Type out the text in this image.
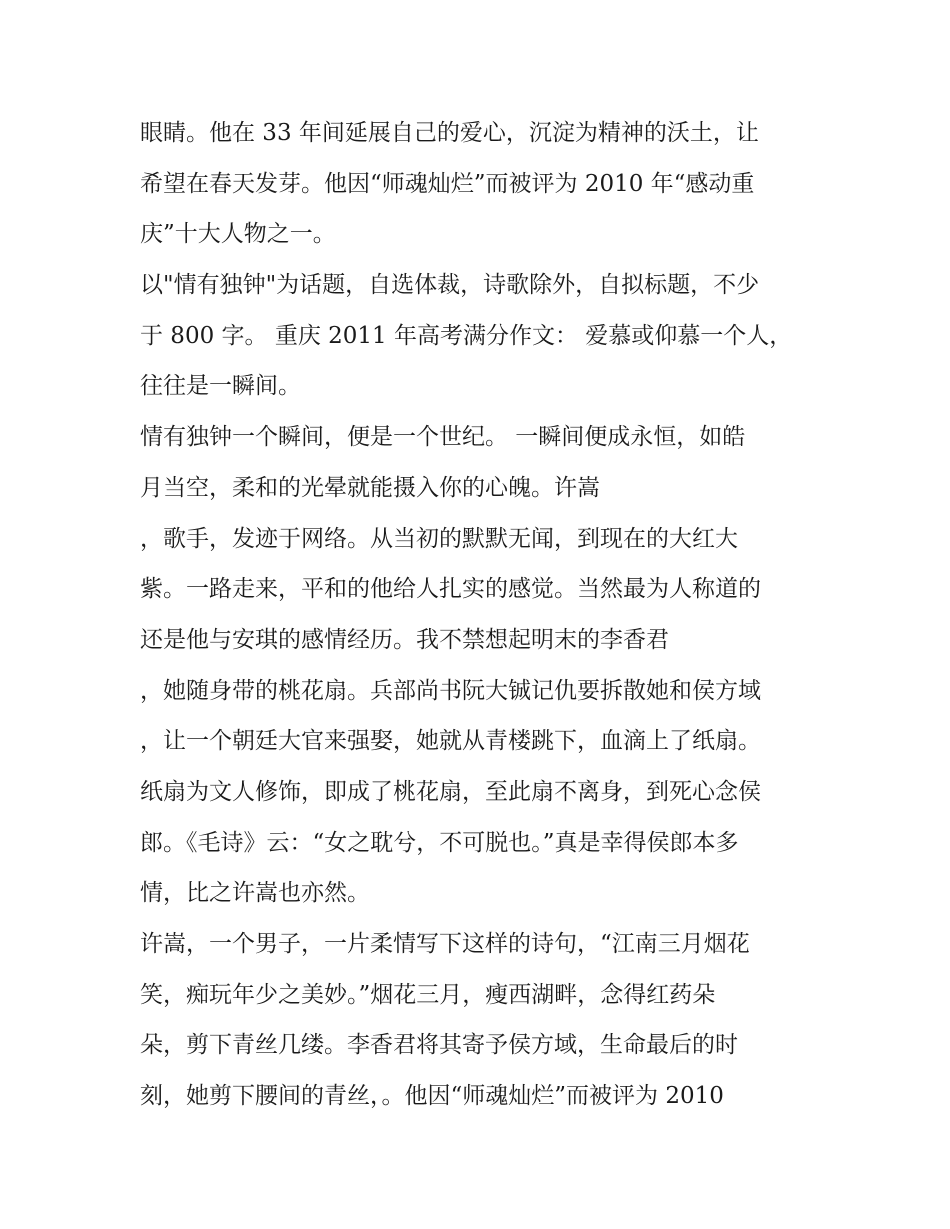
眼睛。他在 33 年间延展自己的爱心，沉淀为精神的沃土，让
希望在春天发芽。他因“师魂灿烂”而被评为 2010 年“感动重
庆”十大人物之一。
以"情有独钟"为话题，自选体裁，诗歌除外，自拟标题，不少
于 800 字。 重庆 2011 年高考满分作文： 爱慕或仰慕一个人，
往往是一瞬间。
情有独钟一个瞬间，便是一个世纪。 一瞬间便成永恒，如皓
月当空，柔和的光晕就能摄入你的心魄。许嵩
，歌手，发迹于网络。从当初的默默无闻，到现在的大红大
紫。一路走来，平和的他给人扎实的感觉。当然最为人称道的
还是他与安琪的感情经历。我不禁想起明末的李香君
，她随身带的桃花扇。兵部尚书阮大铖记仇要拆散她和侯方域
，让一个朝廷大官来强娶，她就从青楼跳下，血滴上了纸扇。
纸扇为文人修饰，即成了桃花扇，至此扇不离身，到死心念侯
郎。《毛诗》云：“女之耽兮，不可脱也。”真是幸得侯郎本多
情，比之许嵩也亦然。
许嵩，一个男子，一片柔情写下这样的诗句，“江南三月烟花
笑，痴玩年少之美妙。”烟花三月，瘦西湖畔，念得红药朵
朵，剪下青丝几缕。李香君将其寄予侯方域，生命最后的时
刻，她剪下腰间的青丝，。他因“师魂灿烂”而被评为 2010
